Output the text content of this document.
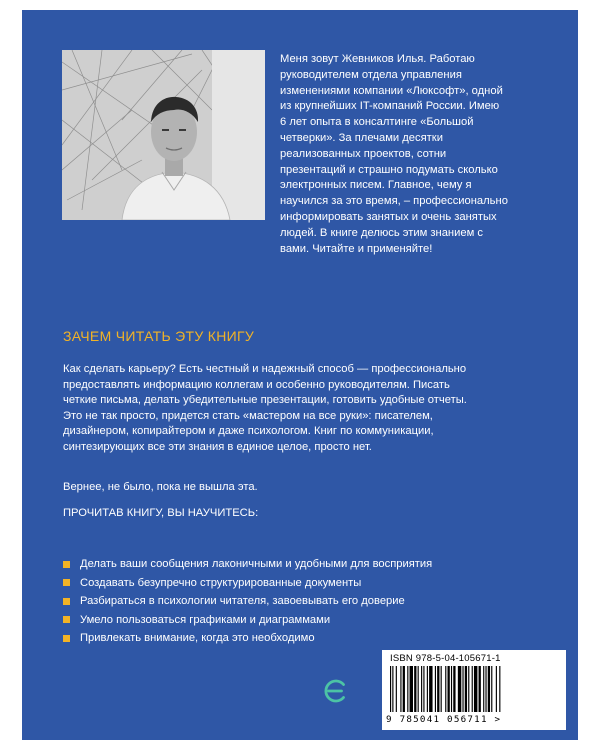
Меня зовут Жевников Илья. Работаю
руководителем отдела управления
изменениями компании «Люксофт», одной
из крупнейших IT-компаний России. Имею
6 лет опыта в консалтинге «Большой
четверки». За плечами десятки
реализованных проектов, сотни
презентаций и страшно подумать сколько
электронных писем. Главное, чему я
научился за это время, – профессионально
информировать занятых и очень занятых
людей. В книге делюсь этим знанием с
вами. Читайте и применяйте!
ЗАЧЕМ ЧИТАТЬ ЭТУ КНИГУ
Как сделать карьеру? Есть честный и надежный способ — профессионально
предоставлять информацию коллегам и особенно руководителям. Писать
четкие письма, делать убедительные презентации, готовить удобные отчеты.
Это не так просто, придется стать «мастером на все руки»: писателем,
дизайнером, копирайтером и даже психологом. Книг по коммуникации,
синтезирующих все эти знания в единое целое, просто нет.
Вернее, не было, пока не вышла эта.
ПРОЧИТАВ КНИГУ, ВЫ НАУЧИТЕСЬ:
Делать ваши сообщения лаконичными и удобными для восприятия
Создавать безупречно структурированные документы
Разбираться в психологии читателя, завоевывать его доверие
Умело пользоваться графиками и диаграммами
Привлекать внимание, когда это необходимо
ISBN 978-5-04-105671-1
9 785041 056711 >
